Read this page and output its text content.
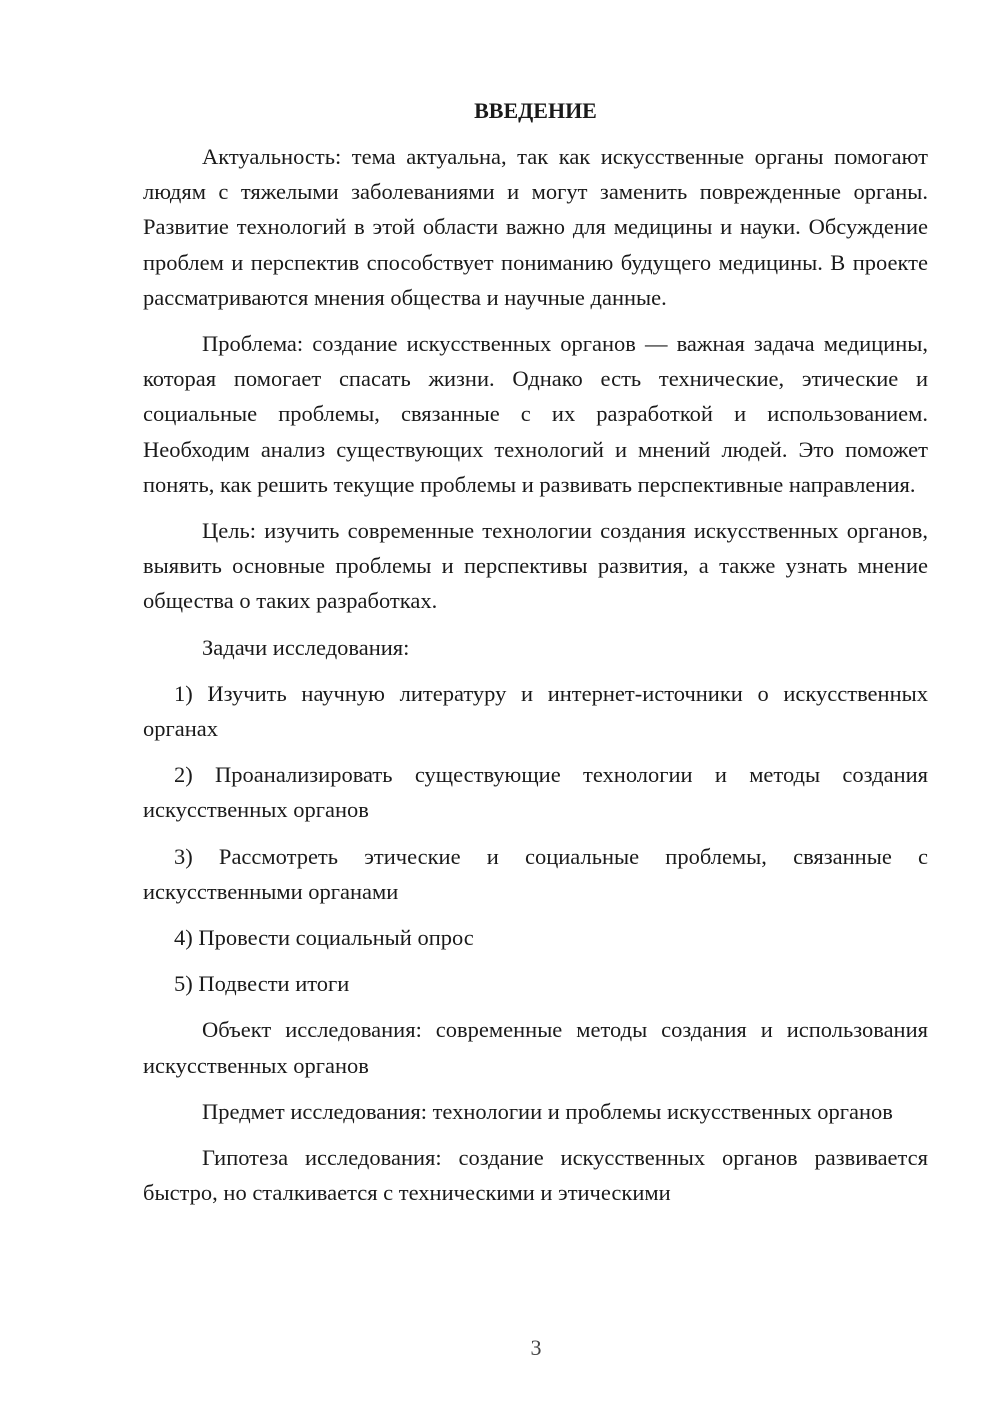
ВВЕДЕНИЕ

Актуальность: тема актуальна, так как искусственные органы помогают людям с тяжелыми заболеваниями и могут заменить поврежденные органы. Развитие технологий в этой области важно для медицины и науки. Обсуждение проблем и перспектив способствует пониманию будущего медицины. В проекте рассматриваются мнения общества и научные данные.

Проблема: создание искусственных органов — важная задача медицины, которая помогает спасать жизни. Однако есть технические, этические и социальные проблемы, связанные с их разработкой и использованием. Необходим анализ существующих технологий и мнений людей. Это поможет понять, как решить текущие проблемы и развивать перспективные направления.

Цель: изучить современные технологии создания искусственных органов, выявить основные проблемы и перспективы развития, а также узнать мнение общества о таких разработках.

Задачи исследования:

1) Изучить научную литературу и интернет-источники о искусственных органах

2) Проанализировать существующие технологии и методы создания искусственных органов

3) Рассмотреть этические и социальные проблемы, связанные с искусственными органами

4) Провести социальный опрос

5) Подвести итоги

Объект исследования: современные методы создания и использования искусственных органов

Предмет исследования: технологии и проблемы искусственных органов

Гипотеза исследования: создание искусственных органов развивается быстро, но сталкивается с техническими и этическими

3
